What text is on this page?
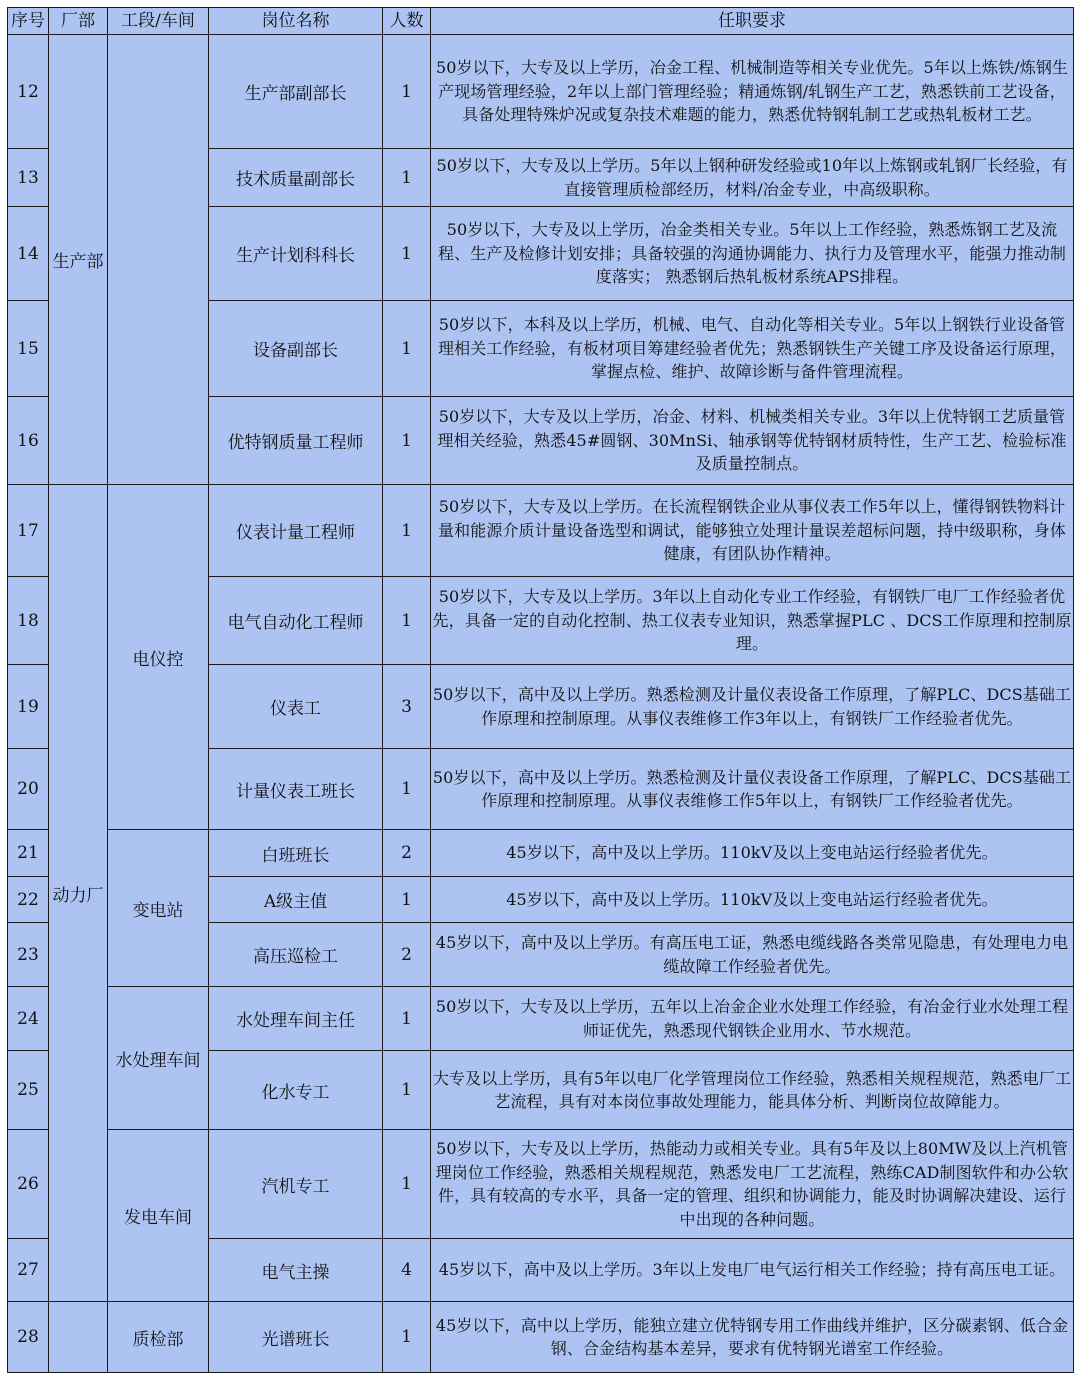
序号	厂部	工段/车间	岗位名称	人数	任职要求
12	生产部		生产部副部长	1	50岁以下，大专及以上学历，冶金工程、机械制造等相关专业优先。5年以上炼铁/炼钢生产现场管理经验，2年以上部门管理经验；精通炼钢/轧钢生产工艺，熟悉铁前工艺设备，具备处理特殊炉况或复杂技术难题的能力，熟悉优特钢轧制工艺或热轧板材工艺。
13			技术质量副部长	1	50岁以下，大专及以上学历。5年以上钢种研发经验或10年以上炼钢或轧钢厂长经验，有直接管理质检部经历，材料/冶金专业，中高级职称。
14			生产计划科科长	1	50岁以下，大专及以上学历，冶金类相关专业。5年以上工作经验，熟悉炼钢工艺及流程、生产及检修计划安排；具备较强的沟通协调能力、执行力及管理水平，能强力推动制度落实； 熟悉钢后热轧板材系统APS排程。
15			设备副部长	1	50岁以下，本科及以上学历，机械、电气、自动化等相关专业。5年以上钢铁行业设备管理相关工作经验，有板材项目筹建经验者优先；熟悉钢铁生产关键工序及设备运行原理，掌握点检、维护、故障诊断与备件管理流程。
16			优特钢质量工程师	1	50岁以下，大专及以上学历，冶金、材料、机械类相关专业。3年以上优特钢工艺质量管理相关经验，熟悉45#圆钢、30MnSi、轴承钢等优特钢材质特性，生产工艺、检验标准及质量控制点。
17	动力厂	电仪控	仪表计量工程师	1	50岁以下，大专及以上学历。在长流程钢铁企业从事仪表工作5年以上，懂得钢铁物料计量和能源介质计量设备选型和调试，能够独立处理计量误差超标问题，持中级职称，身体健康，有团队协作精神。
18			电气自动化工程师	1	50岁以下，大专及以上学历。3年以上自动化专业工作经验，有钢铁厂电厂工作经验者优先，具备一定的自动化控制、热工仪表专业知识，熟悉掌握PLC 、DCS工作原理和控制原理。
19			仪表工	3	50岁以下，高中及以上学历。熟悉检测及计量仪表设备工作原理，了解PLC、DCS基础工作原理和控制原理。从事仪表维修工作3年以上，有钢铁厂工作经验者优先。
20			计量仪表工班长	1	50岁以下，高中及以上学历。熟悉检测及计量仪表设备工作原理，了解PLC、DCS基础工作原理和控制原理。从事仪表维修工作5年以上，有钢铁厂工作经验者优先。
21		变电站	白班班长	2	45岁以下，高中及以上学历。110kV及以上变电站运行经验者优先。
22			A级主值	1	45岁以下，高中及以上学历。110kV及以上变电站运行经验者优先。
23			高压巡检工	2	45岁以下，高中及以上学历。有高压电工证，熟悉电缆线路各类常见隐患，有处理电力电缆故障工作经验者优先。
24		水处理车间	水处理车间主任	1	50岁以下，大专及以上学历，五年以上冶金企业水处理工作经验，有冶金行业水处理工程师证优先，熟悉现代钢铁企业用水、节水规范。
25			化水专工	1	大专及以上学历，具有5年以电厂化学管理岗位工作经验，熟悉相关规程规范，熟悉电厂工艺流程，具有对本岗位事故处理能力，能具体分析、判断岗位故障能力。
26		发电车间	汽机专工	1	50岁以下，大专及以上学历，热能动力或相关专业。具有5年及以上80MW及以上汽机管理岗位工作经验，熟悉相关规程规范，熟悉发电厂工艺流程，熟练CAD制图软件和办公软件，具有较高的专水平，具备一定的管理、组织和协调能力，能及时协调解决建设、运行中出现的各种问题。
27			电气主操	4	45岁以下，高中及以上学历。3年以上发电厂电气运行相关工作经验；持有高压电工证。
28		质检部	光谱班长	1	45岁以下，高中以上学历，能独立建立优特钢专用工作曲线并维护，区分碳素钢、低合金钢、合金结构基本差异，要求有优特钢光谱室工作经验。
